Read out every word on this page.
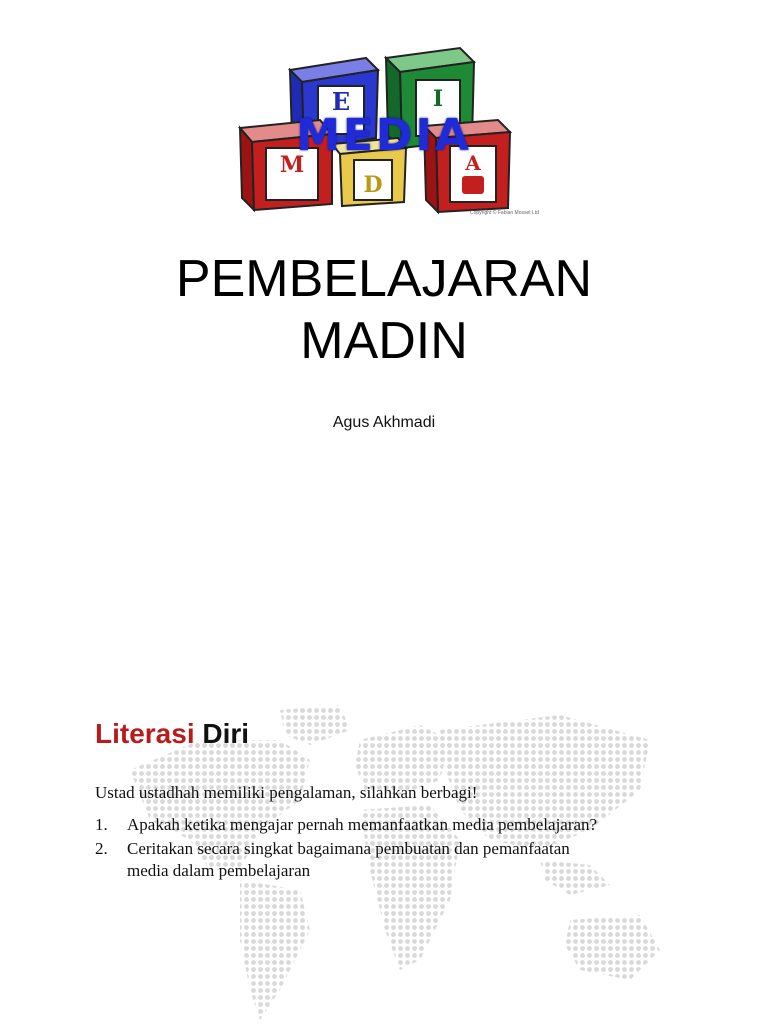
E	I
M
D
A
MEDIA
Copyright © Fabian Mosset Ltd
PEMBELAJARAN
MADIN
Agus Akhmadi
Literasi Diri
Ustad ustadhah memiliki pengalaman, silahkan berbagi!
1. Apakah ketika mengajar pernah memanfaatkan media pembelajaran?
2. Ceritakan secara singkat bagaimana pembuatan dan pemanfaatan media dalam pembelajaran
